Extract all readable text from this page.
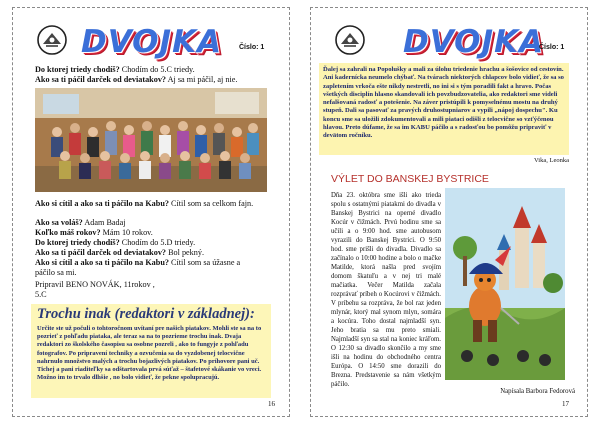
DVOJKA Číslo: 1
Do ktorej triedy chodíš? Chodím do 5.C triedy.
Ako sa ti páčil darček od deviatakov? Aj sa mi páčil, aj nie.
Ako si cítil a ako sa ti páčilo na Kabu? Cítil som sa celkom fajn.
Ako sa voláš? Adam Badaj
Koľko máš rokov? Mám 10 rokov.
Do ktorej triedy chodíš? Chodím do 5.D triedy.
Ako sa ti páčil darček od deviatakov? Bol pekný.
Ako si cítil a ako sa ti páčilo na Kabu? Cítil som sa úžasne a páčilo sa mi.
Pripravil BENO NOVÁK, 11rokov ,
5.C
Trochu inak (redaktori v základnej):
Určite ste už počuli o tohtoročnom uvítaní pre našich piatakov. Mohli ste sa na to pozrieť z pohľadu piataka, ale teraz sa na to pozrieme trochu inak. Dvaja redaktori zo školského časopisu sa osobne pozreli , ako to fungује z pohľadu fotografov. Po pripravení techniky a ozvučenia sa do vyzdobenej telocvične nahrnulo množstvo malých a trochu bojazlivých piatakov. Po príhovore pani uč. Tichej a pani riaditeľky sa odštartovala prvá súťaž – štafetové skákanie vo vreci. Možno im to trvalo dlhšie , no bolo vidieť, že pekne spolupracujú.
16
DVOJKA
Číslo: 1
Ďalej sa zahrali na Popolušky a mali za úlohu triedenie hrachu a šošovice od cestovín. Ani kadernícka neumelo chýbať. Na tvárach niektorých chlapcov bolo vidieť, že sa so zapletením vrkoča ešte nikdy nestretli, no ini si s tým poradili fakt a hravo. Počas všetkých disciplín hlasno skandovali ich povzbudzovatelia, ako redaktori sme videli nefalšovaná radosť a potešenie. Na záver pristúpili k pomyselnému mostu na druhý stupeň. Dali sa pasovať za pravých druhostupniarov a vypili „nápoj dospechu". Ku koncu sme sa uložili zdokumentovali a mili piataci odišli z telocvične so vzťýčenou hlavou. Preto dúfame, že sa im KABU páčilo a s radosťou bo pomôžu pripraviť v devätom ročníku.
Vika, Leonka
VÝLET DO BANSKEJ BYSTRICE
Dňa 23. októbra sme išli ako trieda spolu s ostatnými piatakmi do divadla v Banskej Bystrici na operné divadlo Kocúr v čižmách. Prvú hodinu sme sa učili a o 9:00 hod. sme autobusom vyrazili do Banskej Bystrici. O 9:50 hod. sme prišli do divadla. Divadlo sa začínalo o 10:00 hodine a bolo o mačke Matilde, ktorá našla pred svojím domom škatuľu a v nej tri malé mačiatka. Večer Matilda začala rozprávať príbeh o Kocúrovi v čižmách. V príbehu sa rozpráva, že bol raz jeden mlynár, ktorý mal synom mlyn, somára a kocúra. Toho dostal najmladší syn. Jeho bratia sa mu preto smiali. Najmladší syn sa stal na koniec kráľom. O 12:30 sa divadlo skončilo a my sme išli na hodinu do obchodného centra Európa. O 14:50 sme dorazili do Brezna. Predstavenie sa nám všetkým páčilo.
Napísala Barbora Fedorová
17
